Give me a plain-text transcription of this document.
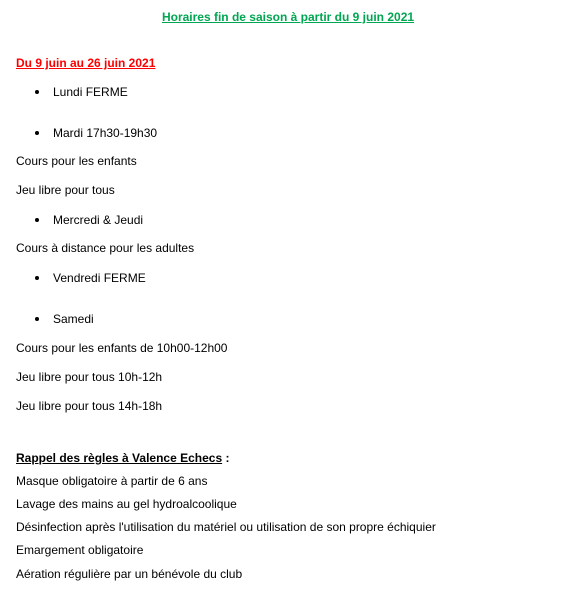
Horaires fin de saison à partir du 9 juin 2021
Du 9 juin au 26 juin 2021
Lundi FERME
Mardi 17h30-19h30
Cours pour les enfants
Jeu libre pour tous
Mercredi & Jeudi
Cours à distance pour les adultes
Vendredi FERME
Samedi
Cours pour les enfants de 10h00-12h00
Jeu libre pour tous 10h-12h
Jeu libre pour tous 14h-18h
Rappel des règles à Valence Echecs :
Masque obligatoire à partir de 6 ans
Lavage des mains au gel hydroalcoolique
Désinfection après l'utilisation du matériel ou utilisation de son propre échiquier
Emargement obligatoire
Aération régulière par un bénévole du club
